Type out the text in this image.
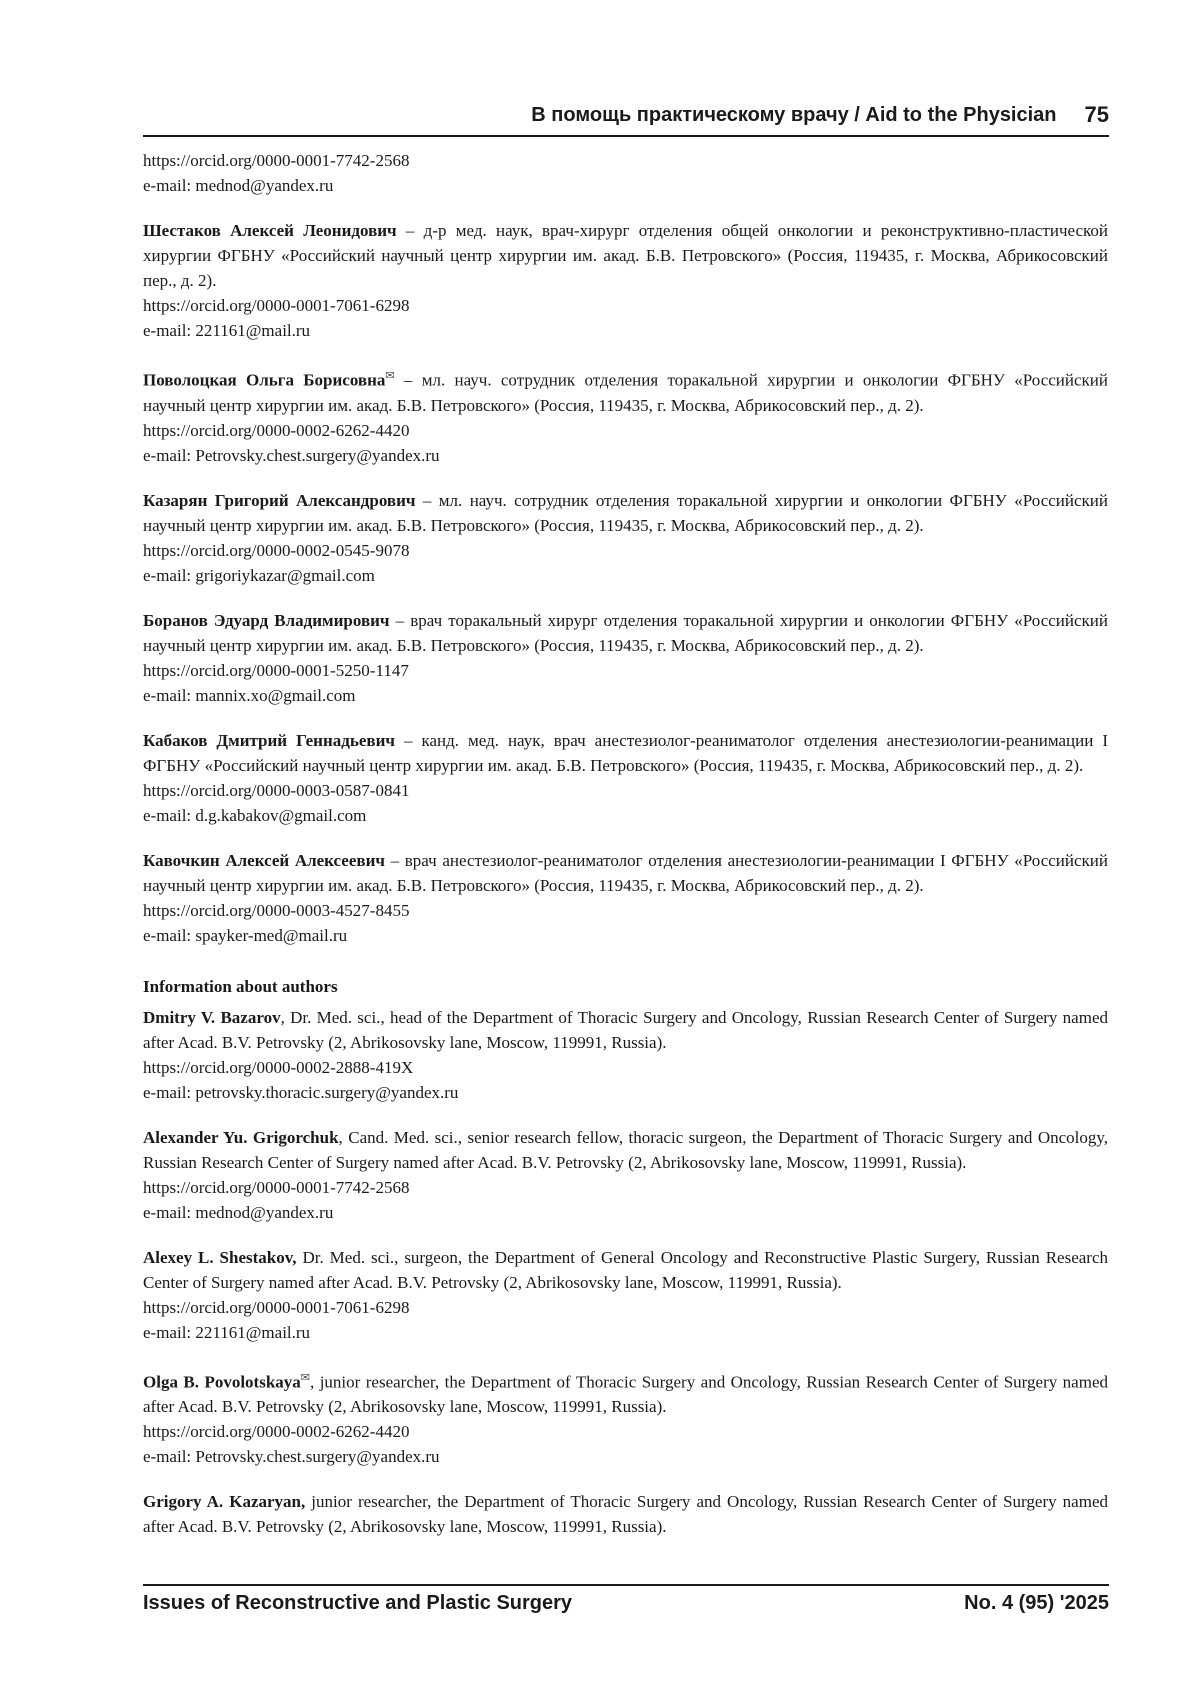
В помощь практическому врачу / Aid to the Physician 75
https://orcid.org/0000-0001-7742-2568
e-mail: mednod@yandex.ru
Шестаков Алексей Леонидович – д-р мед. наук, врач-хирург отделения общей онкологии и реконструктивно-пластической хирургии ФГБНУ «Российский научный центр хирургии им. акад. Б.В. Петровского» (Россия, 119435, г. Москва, Абрикосовский пер., д. 2).
https://orcid.org/0000-0001-7061-6298
e-mail: 221161@mail.ru
Поволоцкая Ольга Борисовна✉ – мл. науч. сотрудник отделения торакальной хирургии и онкологии ФГБНУ «Российский научный центр хирургии им. акад. Б.В. Петровского» (Россия, 119435, г. Москва, Абрикосовский пер., д. 2).
https://orcid.org/0000-0002-6262-4420
e-mail: Petrovsky.chest.surgery@yandex.ru
Казарян Григорий Александрович – мл. науч. сотрудник отделения торакальной хирургии и онкологии ФГБНУ «Российский научный центр хирургии им. акад. Б.В. Петровского» (Россия, 119435, г. Москва, Абрикосовский пер., д. 2).
https://orcid.org/0000-0002-0545-9078
e-mail: grigoriykazar@gmail.com
Боранов Эдуард Владимирович – врач торакальный хирург отделения торакальной хирургии и онкологии ФГБНУ «Российский научный центр хирургии им. акад. Б.В. Петровского» (Россия, 119435, г. Москва, Абрикосовский пер., д. 2).
https://orcid.org/0000-0001-5250-1147
e-mail: mannix.xo@gmail.com
Кабаков Дмитрий Геннадьевич – канд. мед. наук, врач анестезиолог-реаниматолог отделения анестезиологии-реанимации I ФГБНУ «Российский научный центр хирургии им. акад. Б.В. Петровского» (Россия, 119435, г. Москва, Абрикосовский пер., д. 2).
https://orcid.org/0000-0003-0587-0841
e-mail: d.g.kabakov@gmail.com
Кавочкин Алексей Алексеевич – врач анестезиолог-реаниматолог отделения анестезиологии-реанимации I ФГБНУ «Российский научный центр хирургии им. акад. Б.В. Петровского» (Россия, 119435, г. Москва, Абрикосовский пер., д. 2).
https://orcid.org/0000-0003-4527-8455
e-mail: spayker-med@mail.ru
Information about authors
Dmitry V. Bazarov, Dr. Med. sci., head of the Department of Thoracic Surgery and Oncology, Russian Research Center of Surgery named after Acad. B.V. Petrovsky (2, Abrikosovsky lane, Moscow, 119991, Russia).
https://orcid.org/0000-0002-2888-419X
e-mail: petrovsky.thoracic.surgery@yandex.ru
Alexander Yu. Grigorchuk, Cand. Med. sci., senior research fellow, thoracic surgeon, the Department of Thoracic Surgery and Oncology, Russian Research Center of Surgery named after Acad. B.V. Petrovsky (2, Abrikosovsky lane, Moscow, 119991, Russia).
https://orcid.org/0000-0001-7742-2568
e-mail: mednod@yandex.ru
Alexey L. Shestakov, Dr. Med. sci., surgeon, the Department of General Oncology and Reconstructive Plastic Surgery, Russian Research Center of Surgery named after Acad. B.V. Petrovsky (2, Abrikosovsky lane, Moscow, 119991, Russia).
https://orcid.org/0000-0001-7061-6298
e-mail: 221161@mail.ru
Olga B. Povolotskaya✉, junior researcher, the Department of Thoracic Surgery and Oncology, Russian Research Center of Surgery named after Acad. B.V. Petrovsky (2, Abrikosovsky lane, Moscow, 119991, Russia).
https://orcid.org/0000-0002-6262-4420
e-mail: Petrovsky.chest.surgery@yandex.ru
Grigory A. Kazaryan, junior researcher, the Department of Thoracic Surgery and Oncology, Russian Research Center of Surgery named after Acad. B.V. Petrovsky (2, Abrikosovsky lane, Moscow, 119991, Russia).
Issues of Reconstructive and Plastic Surgery	No. 4 (95) '2025
